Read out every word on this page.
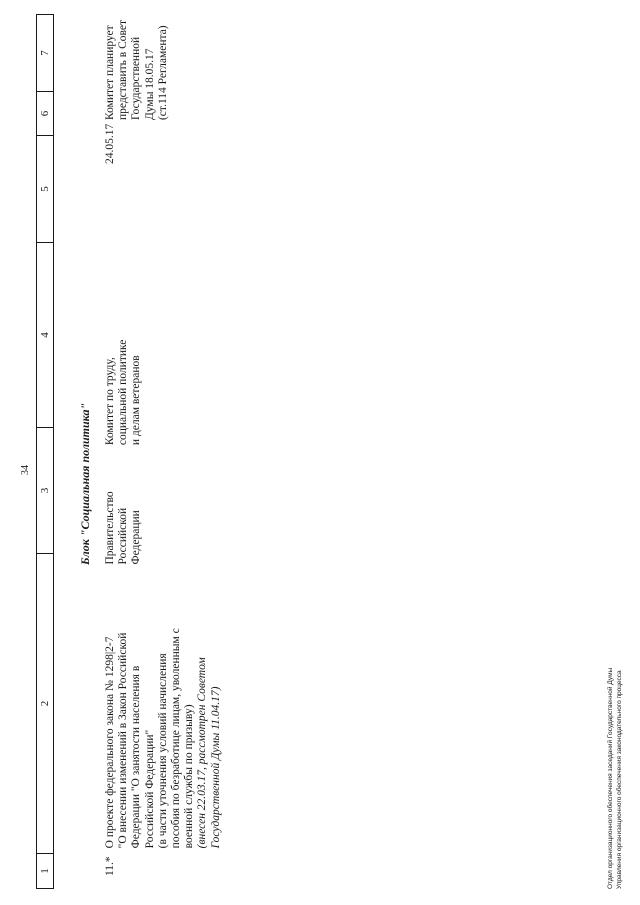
34
1
2
3
4
5
6
7
Блок "Социальная политика"
11.*
О проекте федерального закона № 1298|2-7 "О внесении изменений в Закон Российской Федерации "О занятости населения в Российской Федерации" (в части уточнения условий начисления пособия по безработице лицам, уволенным с военной службы по призыву) (внесен 22.03.17, рассмотрен Советом Государственной Думы 11.04.17)
Правительство Российской Федерации
Комитет по труду, социальной политике и делам ветеранов
24.05.17
Комитет планирует представить в Совет Государственной Думы 18.05.17 (ст.114 Регламента)
Отдел организационного обеспечения заседаний Государственной Думы Управления организационного обеспечения законодательного процесса
